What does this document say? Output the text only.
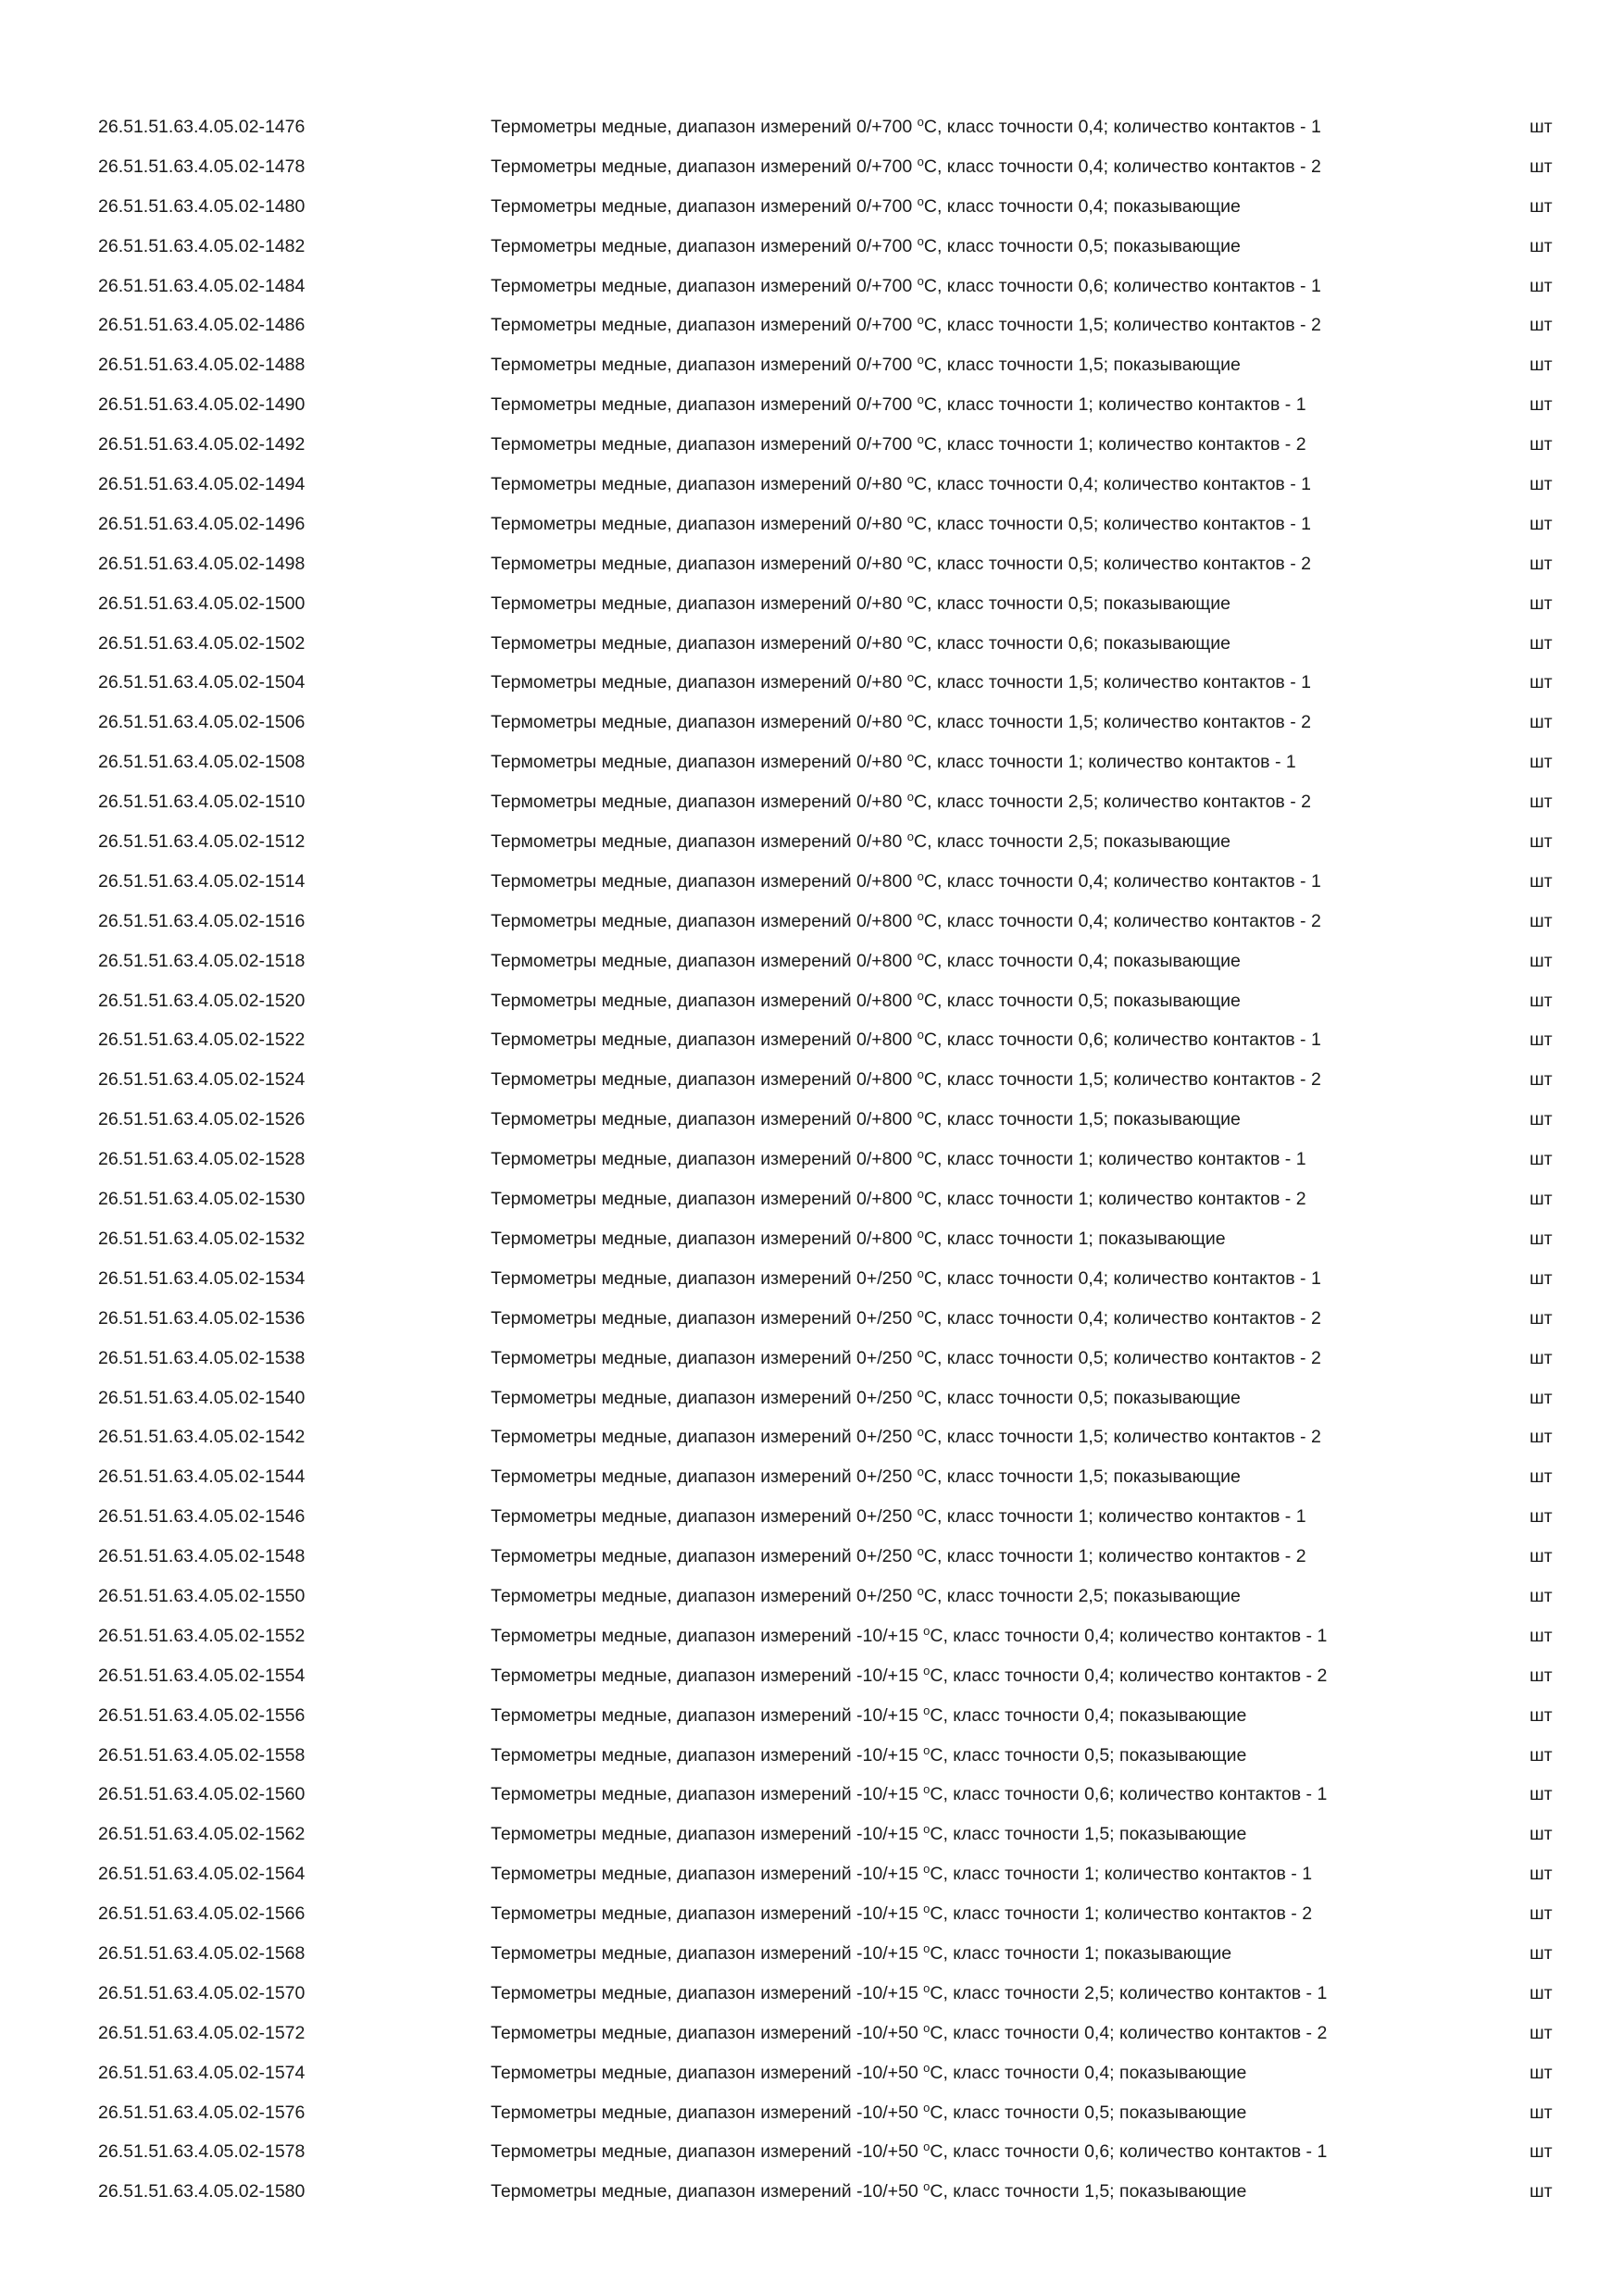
26.51.51.63.4.05.02-1476	Термометры медные, диапазон измерений 0/+700 $^о$С, класс точности 0,4; количество контактов - 1	шт
26.51.51.63.4.05.02-1478	Термометры медные, диапазон измерений 0/+700 $^о$С, класс точности 0,4; количество контактов - 2	шт
26.51.51.63.4.05.02-1480	Термометры медные, диапазон измерений 0/+700 $^о$С, класс точности 0,4; показывающие	шт
26.51.51.63.4.05.02-1482	Термометры медные, диапазон измерений 0/+700 $^о$С, класс точности 0,5; показывающие	шт
26.51.51.63.4.05.02-1484	Термометры медные, диапазон измерений 0/+700 $^о$С, класс точности 0,6; количество контактов - 1	шт
26.51.51.63.4.05.02-1486	Термометры медные, диапазон измерений 0/+700 $^о$С, класс точности 1,5; количество контактов - 2	шт
26.51.51.63.4.05.02-1488	Термометры медные, диапазон измерений 0/+700 $^о$С, класс точности 1,5; показывающие	шт
26.51.51.63.4.05.02-1490	Термометры медные, диапазон измерений 0/+700 $^о$С, класс точности 1; количество контактов - 1	шт
26.51.51.63.4.05.02-1492	Термометры медные, диапазон измерений 0/+700 $^о$С, класс точности 1; количество контактов - 2	шт
26.51.51.63.4.05.02-1494	Термометры медные, диапазон измерений 0/+80 $^о$С, класс точности 0,4; количество контактов - 1	шт
26.51.51.63.4.05.02-1496	Термометры медные, диапазон измерений 0/+80 $^о$С, класс точности 0,5; количество контактов - 1	шт
26.51.51.63.4.05.02-1498	Термометры медные, диапазон измерений 0/+80 $^о$С, класс точности 0,5; количество контактов - 2	шт
26.51.51.63.4.05.02-1500	Термометры медные, диапазон измерений 0/+80 $^о$С, класс точности 0,5; показывающие	шт
26.51.51.63.4.05.02-1502	Термометры медные, диапазон измерений 0/+80 $^о$С, класс точности 0,6; показывающие	шт
26.51.51.63.4.05.02-1504	Термометры медные, диапазон измерений 0/+80 $^о$С, класс точности 1,5; количество контактов - 1	шт
26.51.51.63.4.05.02-1506	Термометры медные, диапазон измерений 0/+80 $^о$С, класс точности 1,5; количество контактов - 2	шт
26.51.51.63.4.05.02-1508	Термометры медные, диапазон измерений 0/+80 $^о$С, класс точности 1; количество контактов - 1	шт
26.51.51.63.4.05.02-1510	Термометры медные, диапазон измерений 0/+80 $^о$С, класс точности 2,5; количество контактов - 2	шт
26.51.51.63.4.05.02-1512	Термометры медные, диапазон измерений 0/+80 $^о$С, класс точности 2,5; показывающие	шт
26.51.51.63.4.05.02-1514	Термометры медные, диапазон измерений 0/+800 $^о$С, класс точности 0,4; количество контактов - 1	шт
26.51.51.63.4.05.02-1516	Термометры медные, диапазон измерений 0/+800 $^о$С, класс точности 0,4; количество контактов - 2	шт
26.51.51.63.4.05.02-1518	Термометры медные, диапазон измерений 0/+800 $^о$С, класс точности 0,4; показывающие	шт
26.51.51.63.4.05.02-1520	Термометры медные, диапазон измерений 0/+800 $^о$С, класс точности 0,5; показывающие	шт
26.51.51.63.4.05.02-1522	Термометры медные, диапазон измерений 0/+800 $^о$С, класс точности 0,6; количество контактов - 1	шт
26.51.51.63.4.05.02-1524	Термометры медные, диапазон измерений 0/+800 $^о$С, класс точности 1,5; количество контактов - 2	шт
26.51.51.63.4.05.02-1526	Термометры медные, диапазон измерений 0/+800 $^о$С, класс точности 1,5; показывающие	шт
26.51.51.63.4.05.02-1528	Термометры медные, диапазон измерений 0/+800 $^о$С, класс точности 1; количество контактов - 1	шт
26.51.51.63.4.05.02-1530	Термометры медные, диапазон измерений 0/+800 $^о$С, класс точности 1; количество контактов - 2	шт
26.51.51.63.4.05.02-1532	Термометры медные, диапазон измерений 0/+800 $^о$С, класс точности 1; показывающие	шт
26.51.51.63.4.05.02-1534	Термометры медные, диапазон измерений 0+/250 $^о$С, класс точности 0,4; количество контактов - 1	шт
26.51.51.63.4.05.02-1536	Термометры медные, диапазон измерений 0+/250 $^о$С, класс точности 0,4; количество контактов - 2	шт
26.51.51.63.4.05.02-1538	Термометры медные, диапазон измерений 0+/250 $^о$С, класс точности 0,5; количество контактов - 2	шт
26.51.51.63.4.05.02-1540	Термометры медные, диапазон измерений 0+/250 $^о$С, класс точности 0,5; показывающие	шт
26.51.51.63.4.05.02-1542	Термометры медные, диапазон измерений 0+/250 $^о$С, класс точности 1,5; количество контактов - 2	шт
26.51.51.63.4.05.02-1544	Термометры медные, диапазон измерений 0+/250 $^о$С, класс точности 1,5; показывающие	шт
26.51.51.63.4.05.02-1546	Термометры медные, диапазон измерений 0+/250 $^о$С, класс точности 1; количество контактов - 1	шт
26.51.51.63.4.05.02-1548	Термометры медные, диапазон измерений 0+/250 $^о$С, класс точности 1; количество контактов - 2	шт
26.51.51.63.4.05.02-1550	Термометры медные, диапазон измерений 0+/250 $^о$С, класс точности 2,5; показывающие	шт
26.51.51.63.4.05.02-1552	Термометры медные, диапазон измерений -10/+15 $^о$С, класс точности 0,4; количество контактов - 1	шт
26.51.51.63.4.05.02-1554	Термометры медные, диапазон измерений -10/+15 $^о$С, класс точности 0,4; количество контактов - 2	шт
26.51.51.63.4.05.02-1556	Термометры медные, диапазон измерений -10/+15 $^о$С, класс точности 0,4; показывающие	шт
26.51.51.63.4.05.02-1558	Термометры медные, диапазон измерений -10/+15 $^о$С, класс точности 0,5; показывающие	шт
26.51.51.63.4.05.02-1560	Термометры медные, диапазон измерений -10/+15 $^о$С, класс точности 0,6; количество контактов - 1	шт
26.51.51.63.4.05.02-1562	Термометры медные, диапазон измерений -10/+15 $^о$С, класс точности 1,5; показывающие	шт
26.51.51.63.4.05.02-1564	Термометры медные, диапазон измерений -10/+15 $^о$С, класс точности 1; количество контактов - 1	шт
26.51.51.63.4.05.02-1566	Термометры медные, диапазон измерений -10/+15 $^о$С, класс точности 1; количество контактов - 2	шт
26.51.51.63.4.05.02-1568	Термометры медные, диапазон измерений -10/+15 $^о$С, класс точности 1; показывающие	шт
26.51.51.63.4.05.02-1570	Термометры медные, диапазон измерений -10/+15 $^о$С, класс точности 2,5; количество контактов - 1	шт
26.51.51.63.4.05.02-1572	Термометры медные, диапазон измерений -10/+50 $^о$С, класс точности 0,4; количество контактов - 2	шт
26.51.51.63.4.05.02-1574	Термометры медные, диапазон измерений -10/+50 $^о$С, класс точности 0,4; показывающие	шт
26.51.51.63.4.05.02-1576	Термометры медные, диапазон измерений -10/+50 $^о$С, класс точности 0,5; показывающие	шт
26.51.51.63.4.05.02-1578	Термометры медные, диапазон измерений -10/+50 $^о$С, класс точности 0,6; количество контактов - 1	шт
26.51.51.63.4.05.02-1580	Термометры медные, диапазон измерений -10/+50 $^о$С, класс точности 1,5; показывающие	шт
